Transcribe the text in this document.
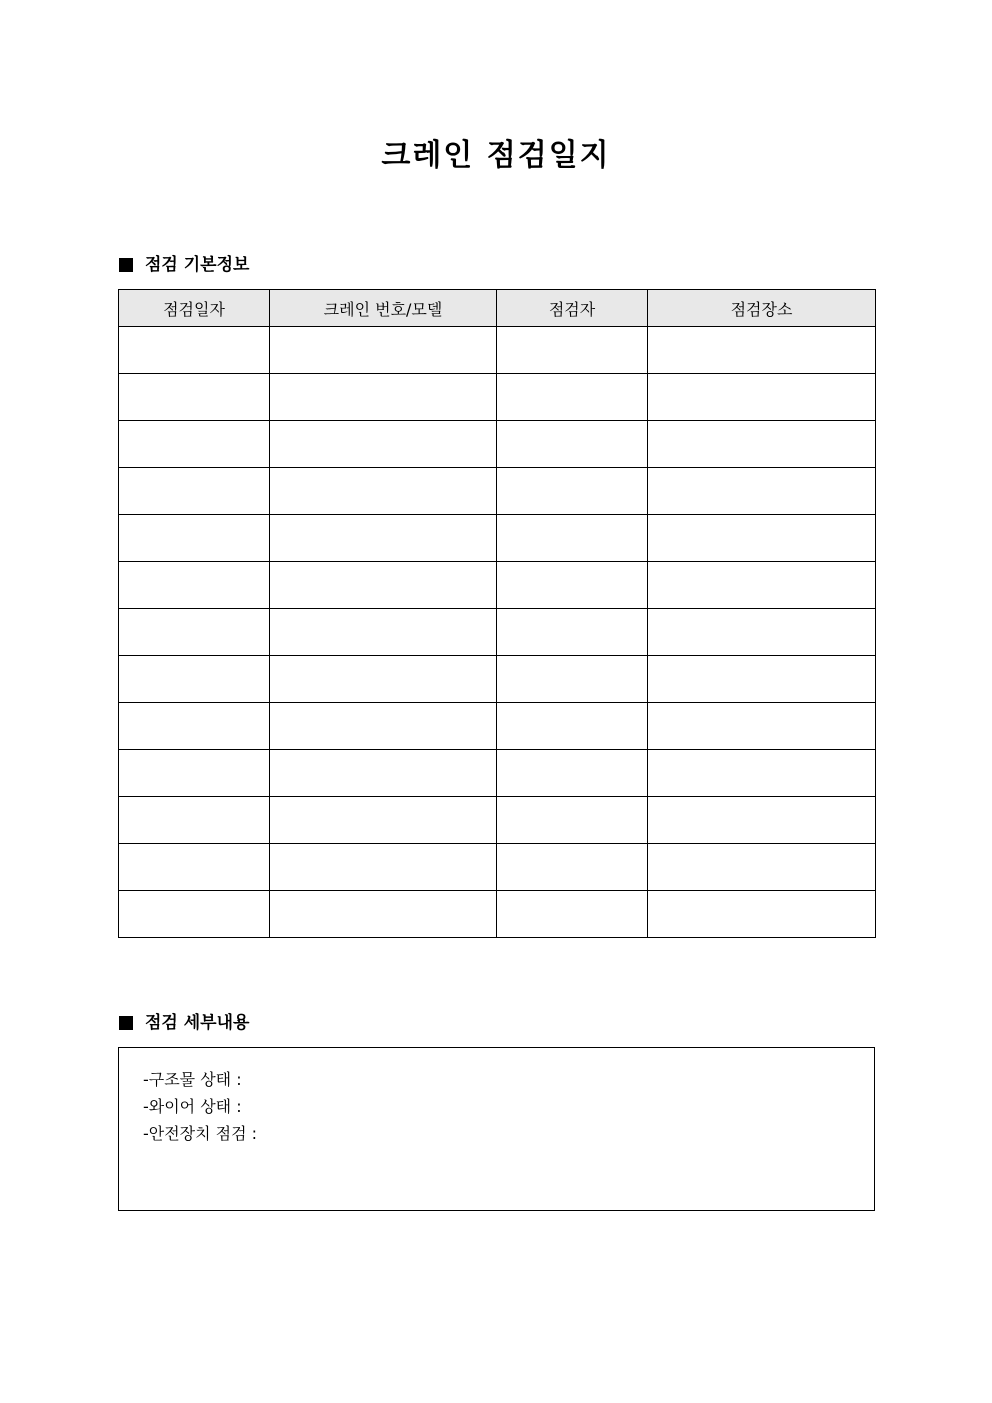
크레인 점검일지
점검 기본정보
점검일자	크레인 번호/모델	점검자	점검장소

점검 세부내용
-구조물 상태 :
-와이어 상태 :
-안전장치 점검 :
